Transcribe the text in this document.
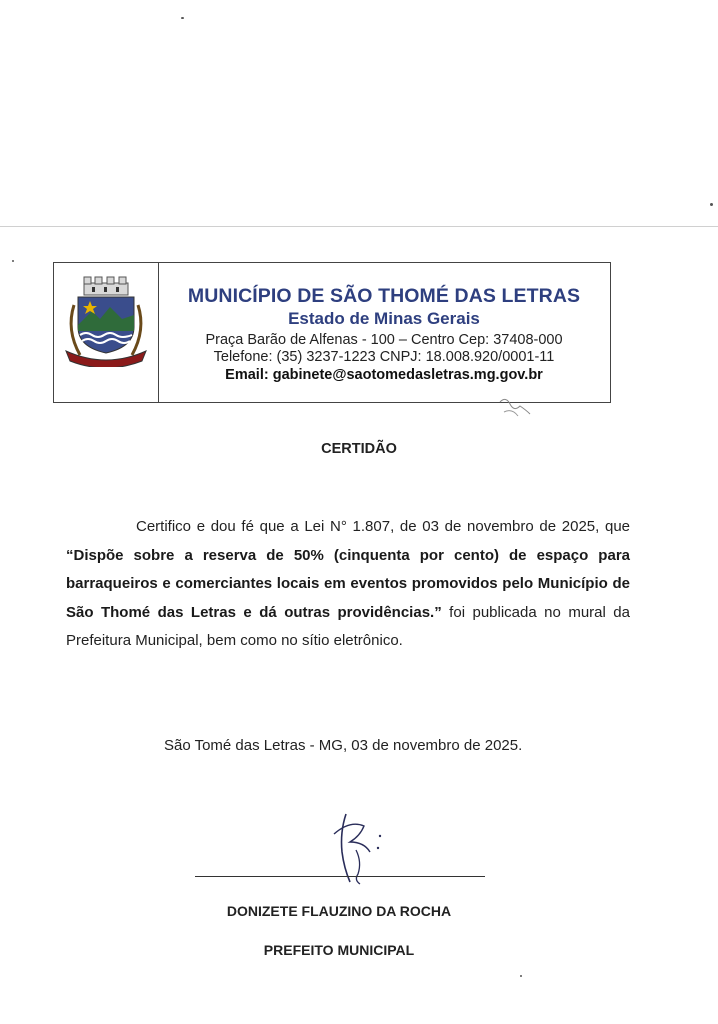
MUNICÍPIO DE SÃO THOMÉ DAS LETRAS
Estado de Minas Gerais
Praça Barão de Alfenas - 100 – Centro Cep: 37408-000
Telefone: (35) 3237-1223 CNPJ: 18.008.920/0001-11
Email: gabinete@saotomedasletras.mg.gov.br
CERTIDÃO
Certifico e dou fé que a Lei N° 1.807, de 03 de novembro de 2025, que “Dispõe sobre a reserva de 50% (cinquenta por cento) de espaço para barraqueiros e comerciantes locais em eventos promovidos pelo Município de São Thomé das Letras e dá outras providências.” foi publicada no mural da Prefeitura Municipal, bem como no sítio eletrônico.
São Tomé das Letras - MG, 03 de novembro de 2025.
DONIZETE FLAUZINO DA ROCHA
PREFEITO MUNICIPAL
